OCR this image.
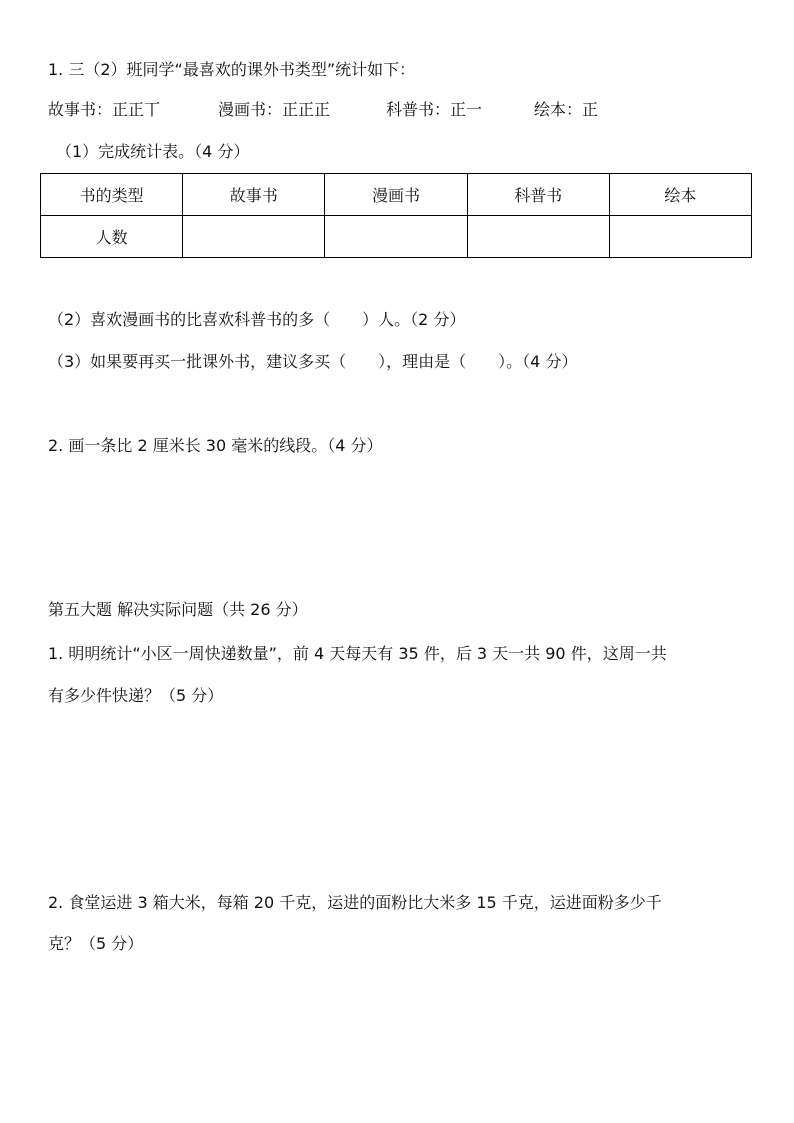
1. 三（2）班同学“最喜欢的课外书类型”统计如下：
故事书：正正丅	漫画书：正正正	科普书：正一	绘本：正
（1）完成统计表。（4 分）
书的类型	故事书	漫画书	科普书	绘本
人数				
（2）喜欢漫画书的比喜欢科普书的多（　　）人。（2 分）
（3）如果要再买一批课外书，建议多买（　　），理由是（　　）。（4 分）
2. 画一条比 2 厘米长 30 毫米的线段。（4 分）
第五大题 解决实际问题（共 26 分）
1. 明明统计“小区一周快递数量”，前 4 天每天有 35 件，后 3 天一共 90 件，这周一共
有多少件快递？（5 分）
2. 食堂运进 3 箱大米，每箱 20 千克，运进的面粉比大米多 15 千克，运进面粉多少千
克？（5 分）
